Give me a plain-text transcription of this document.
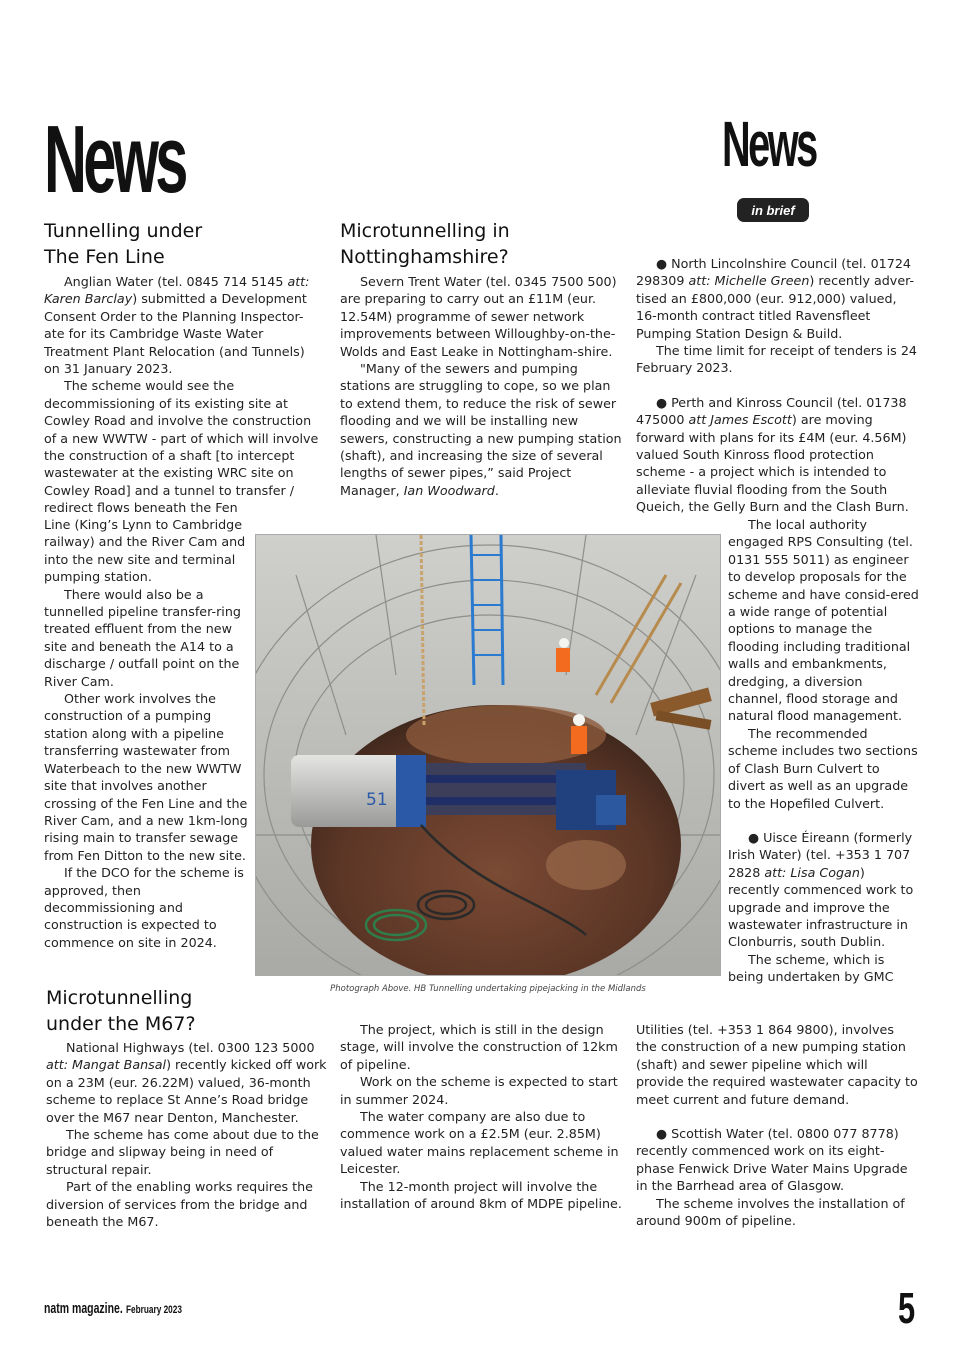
News	News
in brief
Tunnelling under
The Fen Line

Anglian Water (tel. 0845 714 5145 att: Karen Barclay) submitted a Development Consent Order to the Planning Inspector-ate for its Cambridge Waste Water Treatment Plant Relocation (and Tunnels) on 31 January 2023.

The scheme would see the decommissioning of its existing site at Cowley Road and involve the construction of a new WWTW - part of which will involve the construction of a shaft [to intercept wastewater at the existing WRC site on Cowley Road] and a tunnel to transfer / redirect flows beneath the Fen

Line (King’s Lynn to Cambridge railway) and the River Cam and into the new site and terminal pumping station.

There would also be a tunnelled pipeline transfer-ring treated effluent from the new site and beneath the A14 to a discharge / outfall point on the River Cam.

Other work involves the construction of a pumping station along with a pipeline transferring wastewater from Waterbeach to the new WWTW site that involves another crossing of the Fen Line and the River Cam, and a new 1km-long rising main to transfer sewage from Fen Ditton to the new site.

If the DCO for the scheme is approved, then decommissioning and construction is expected to commence on site in 2024.

Microtunnelling in
Nottinghamshire?

Severn Trent Water (tel. 0345 7500 500) are preparing to carry out an £11M (eur. 12.54M) programme of sewer network improvements between Willoughby-on-the-Wolds and East Leake in Nottingham-shire.

"Many of the sewers and pumping stations are struggling to cope, so we plan to extend them, to reduce the risk of sewer flooding and we will be installing new sewers, constructing a new pumping station (shaft), and increasing the size of several lengths of sewer pipes,” said Project Manager, Ian Woodward.

51
Photograph Above. HB Tunnelling undertaking pipejacking in the Midlands
Microtunnelling
under the M67?

National Highways (tel. 0300 123 5000 att: Mangat Bansal) recently kicked off work on a 23M (eur. 26.22M) valued, 36-month scheme to replace St Anne’s Road bridge over the M67 near Denton, Manchester.

The scheme has come about due to the bridge and slipway being in need of structural repair.

Part of the enabling works requires the diversion of services from the bridge and beneath the M67.

The project, which is still in the design stage, will involve the construction of 12km of pipeline.

Work on the scheme is expected to start in summer 2024.

The water company are also due to commence work on a £2.5M (eur. 2.85M) valued water mains replacement scheme in Leicester.

The 12-month project will involve the installation of around 8km of MDPE pipeline.

● North Lincolnshire Council (tel. 01724 298309 att: Michelle Green) recently adver-tised an £800,000 (eur. 912,000) valued, 16-month contract titled Ravensfleet Pumping Station Design & Build.

The time limit for receipt of tenders is 24 February 2023.

● Perth and Kinross Council (tel. 01738 475000 att James Escott) are moving forward with plans for its £4M (eur. 4.56M) valued South Kinross flood protection scheme - a project which is intended to alleviate fluvial flooding from the South Queich, the Gelly Burn and the Clash Burn.

The local authority engaged RPS Consulting (tel. 0131 555 5011) as engineer to develop proposals for the scheme and have consid-ered a wide range of potential options to manage the flooding including traditional walls and embankments, dredging, a diversion channel, flood storage and natural flood management.

The recommended scheme includes two sections of Clash Burn Culvert to divert as well as an upgrade to the Hopefiled Culvert.

● Uisce Éireann (formerly Irish Water) (tel. +353 1 707 2828 att: Lisa Cogan) recently commenced work to upgrade and improve the wastewater infrastructure in Clonburris, south Dublin.

The scheme, which is being undertaken by GMC

Utilities (tel. +353 1 864 9800), involves the construction of a new pumping station (shaft) and sewer pipeline which will provide the required wastewater capacity to meet current and future demand.

● Scottish Water (tel. 0800 077 8778) recently commenced work on its eight-phase Fenwick Drive Water Mains Upgrade in the Barrhead area of Glasgow.

The scheme involves the installation of around 900m of pipeline.

natm magazine. February 2023	5
